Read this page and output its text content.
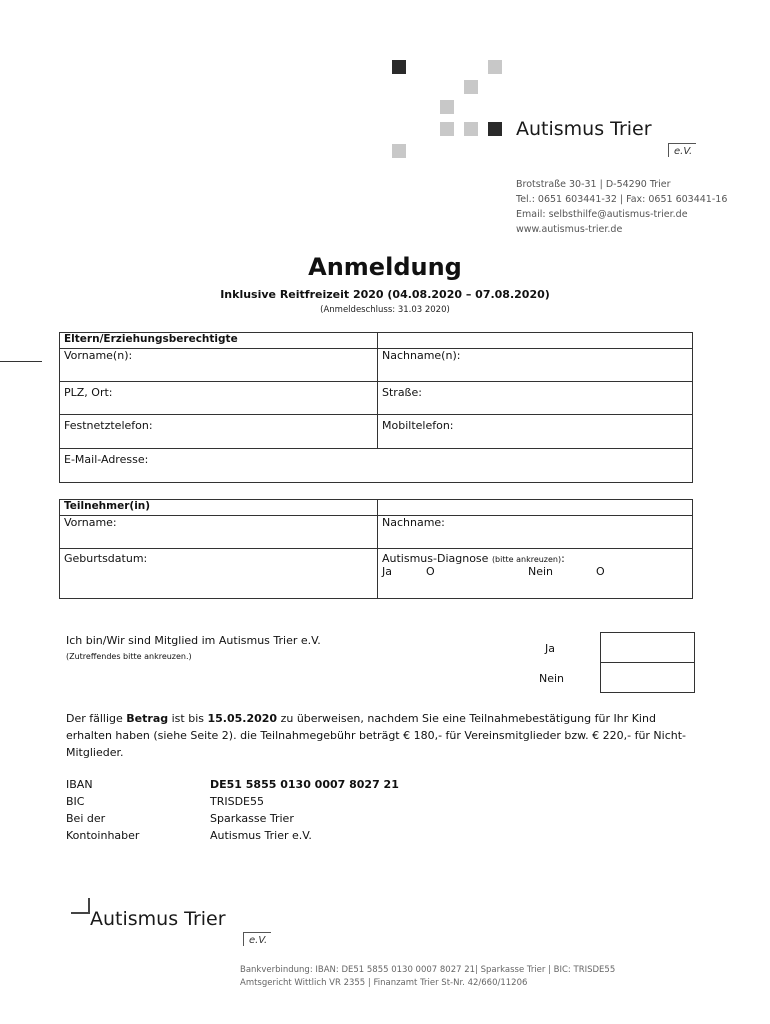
Autismus Trier
e.V.
Brotstraße 30-31 | D-54290 Trier
Tel.: 0651 603441-32 | Fax: 0651 603441-16
Email: selbsthilfe@autismus-trier.de
www.autismus-trier.de
Anmeldung
Inklusive Reitfreizeit 2020 (04.08.2020 – 07.08.2020)
(Anmeldeschluss: 31.03 2020)
Eltern/Erziehungsberechtigte	
Vorname(n):	Nachname(n):
PLZ, Ort:	Straße:
Festnetztelefon:	Mobiltelefon:
E-Mail-Adresse:	
Teilnehmer(in)	
Vorname:	Nachname:
Geburtsdatum:	Autismus-Diagnose (bitte ankreuzen):
Ja O Nein O
Ich bin/Wir sind Mitglied im Autismus Trier e.V.
(Zutreffendes bitte ankreuzen.)
Ja
Nein
Der fällige Betrag ist bis 15.05.2020 zu überweisen, nachdem Sie eine Teilnahmebestätigung für Ihr Kind erhalten haben (siehe Seite 2). die Teilnahmegebühr beträgt € 180,- für Vereinsmitglieder bzw. € 220,- für Nicht-Mitglieder.
IBAN	DE51 5855 0130 0007 8027 21
BIC	TRISDE55
Bei der	Sparkasse Trier
Kontoinhaber	Autismus Trier e.V.
Autismus Trier
e.V.
Bankverbindung: IBAN: DE51 5855 0130 0007 8027 21| Sparkasse Trier | BIC: TRISDE55
Amtsgericht Wittlich VR 2355 | Finanzamt Trier St-Nr. 42/660/11206
